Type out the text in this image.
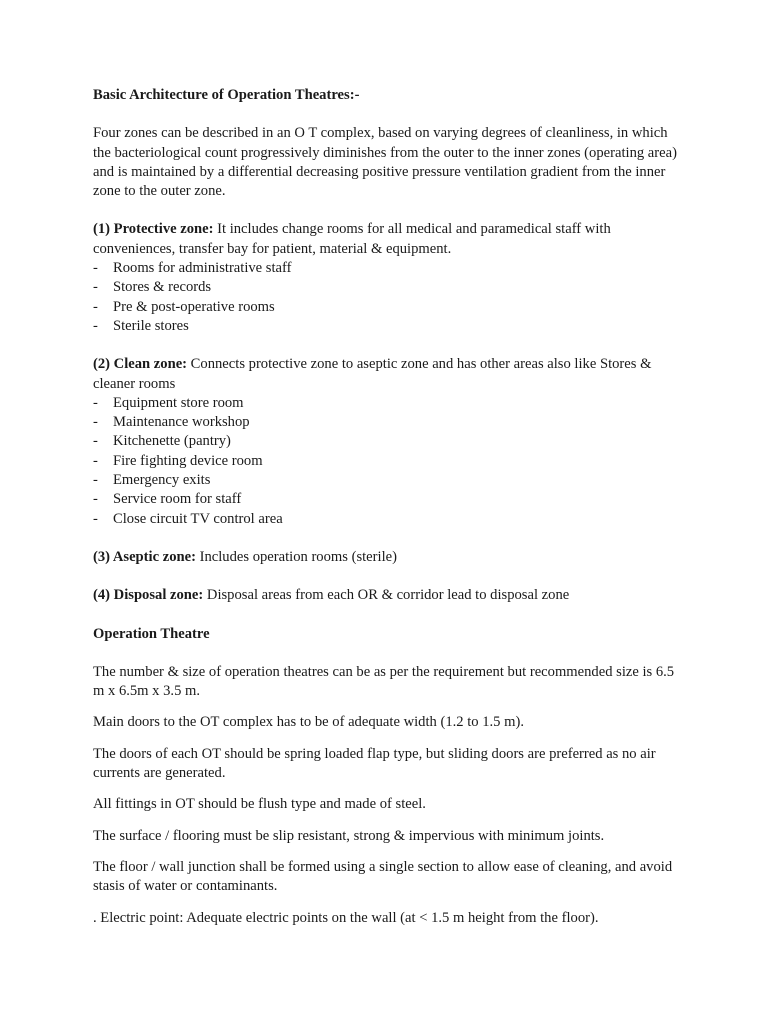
Basic Architecture of Operation Theatres:-

Four zones can be described in an O T complex, based on varying degrees of cleanliness, in which the bacteriological count progressively diminishes from the outer to the inner zones (operating area) and is maintained by a differential decreasing positive pressure ventilation gradient from the inner zone to the outer zone.

(1) Protective zone: It includes change rooms for all medical and paramedical staff with conveniences, transfer bay for patient, material & equipment.

- Rooms for administrative staff
- Stores & records
- Pre & post-operative rooms
- Sterile stores

(2) Clean zone: Connects protective zone to aseptic zone and has other areas also like Stores & cleaner rooms

- Equipment store room
- Maintenance workshop
- Kitchenette (pantry)
- Fire fighting device room
- Emergency exits
- Service room for staff
- Close circuit TV control area

(3) Aseptic zone: Includes operation rooms (sterile)

(4) Disposal zone: Disposal areas from each OR & corridor lead to disposal zone

Operation Theatre

The number & size of operation theatres can be as per the requirement but recommended size is 6.5 m x 6.5m x 3.5 m.

Main doors to the OT complex has to be of adequate width (1.2 to 1.5 m).

The doors of each OT should be spring loaded flap type, but sliding doors are preferred as no air currents are generated.

All fittings in OT should be flush type and made of steel.

The surface / flooring must be slip resistant, strong & impervious with minimum joints.

The floor / wall junction shall be formed using a single section to allow ease of cleaning, and avoid stasis of water or contaminants.

. Electric point: Adequate electric points on the wall (at < 1.5 m height from the floor).
